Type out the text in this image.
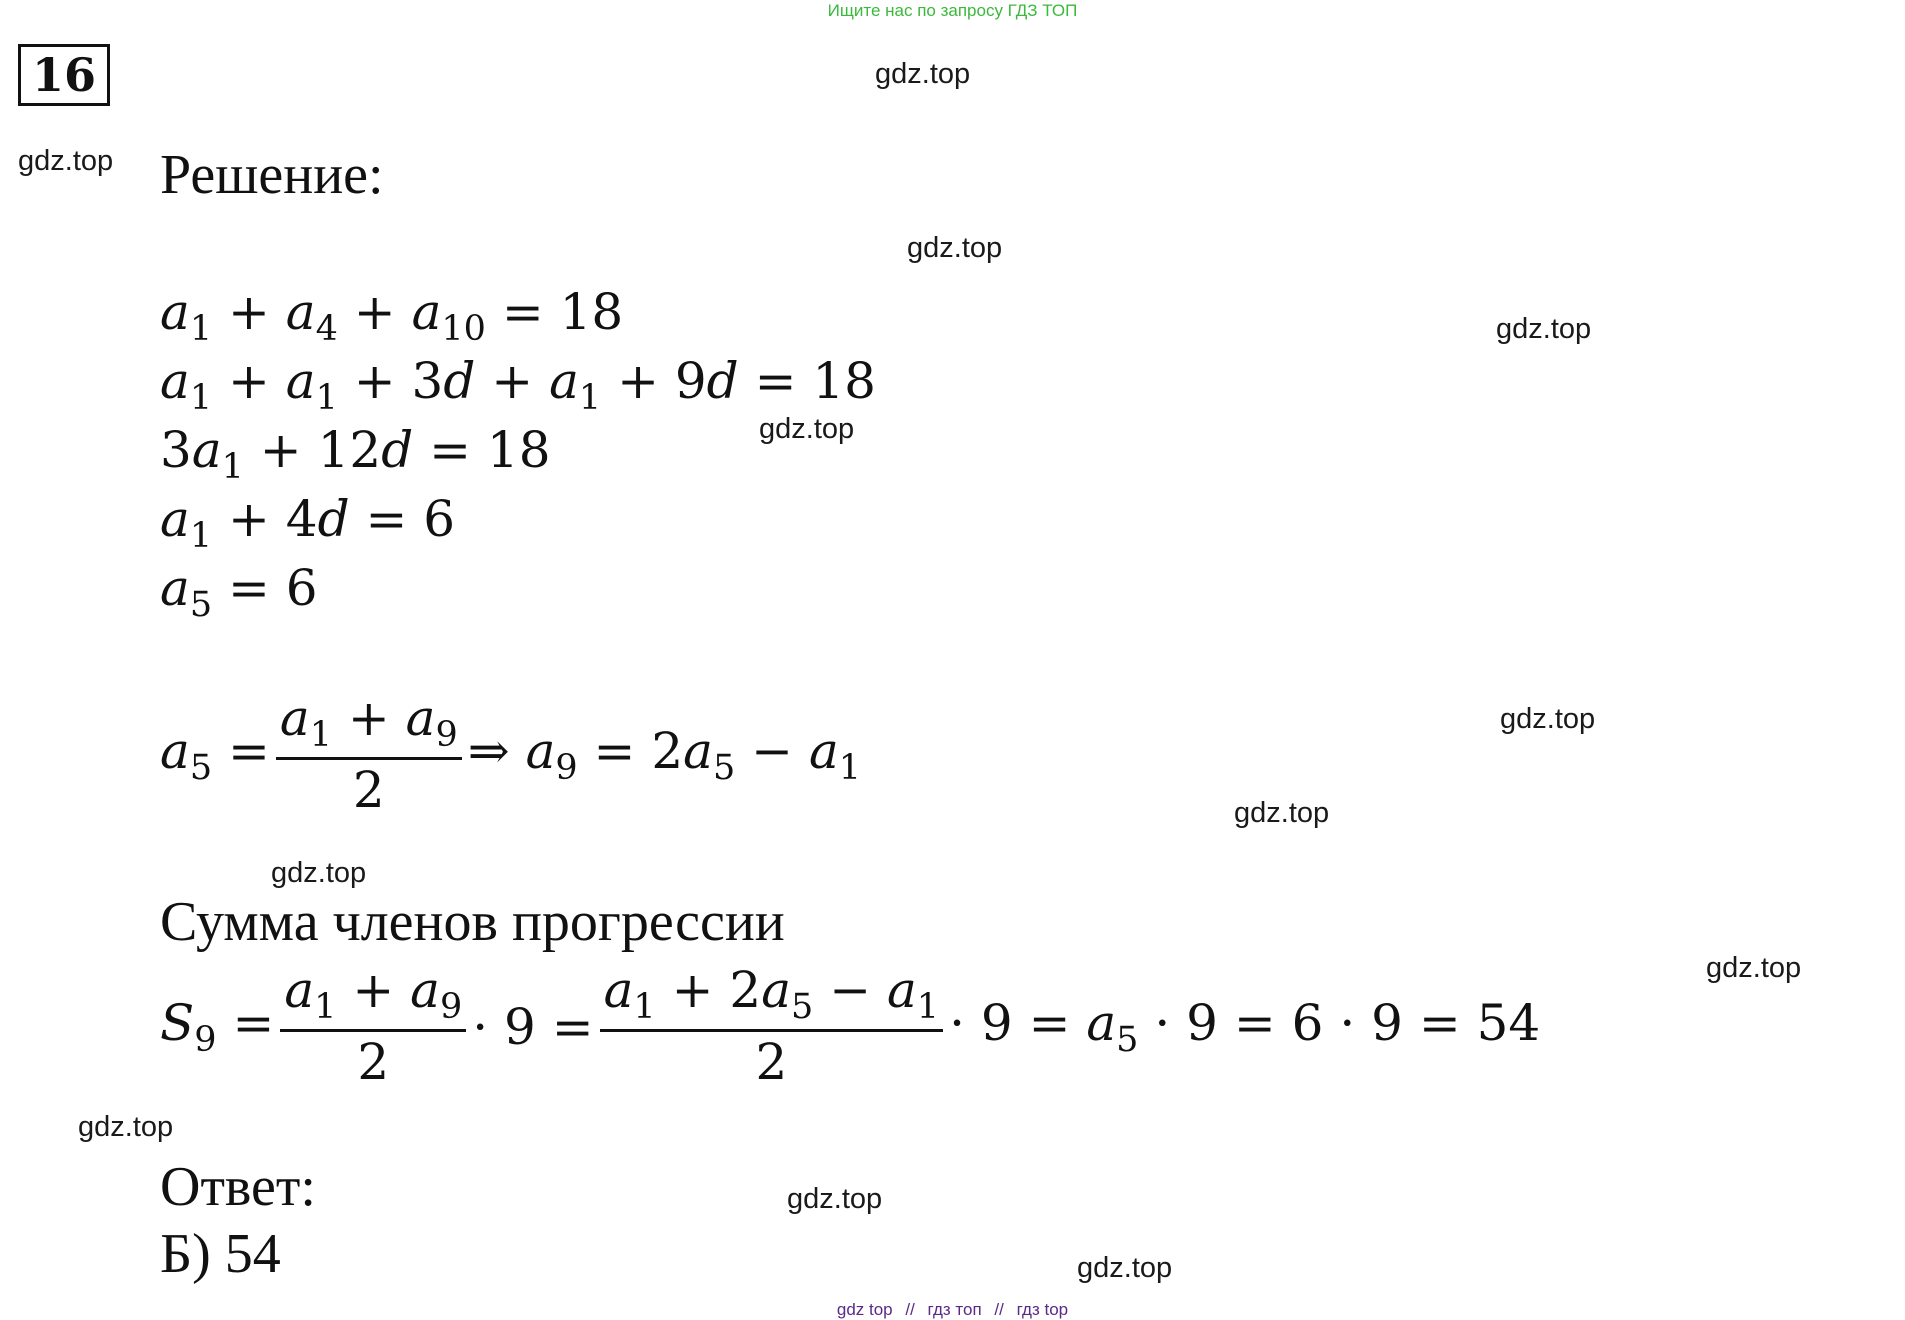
Ищите нас по запросу ГДЗ ТОП
16	gdz.top
gdz.top
gdz.top
gdz.top
gdz.top
gdz.top
gdz.top
gdz.top
gdz.top
gdz.top
gdz.top
gdz.top
Решение:
$a_1 + a_4 + a_{10} = 18$
$a_1 + a_1 + 3d + a_1 + 9d = 18$
$3a_1 + 12d = 18$
$a_1 + 4d = 6$
$a_5 = 6$
$a_5 = \frac{a_1 + a_9}{2}$ ⇒ $a_9 = 2a_5 - a_1$
Сумма членов прогрессии
$S_9 = \frac{a_1 + a_9}{2} \cdot 9 = \frac{a_1 + 2a_5 - a_1}{2} \cdot 9 = a_5 \cdot 9 = 6 \cdot 9 = 54$
Ответ:
Б) 54
gdz top // гдз топ // гдз top
